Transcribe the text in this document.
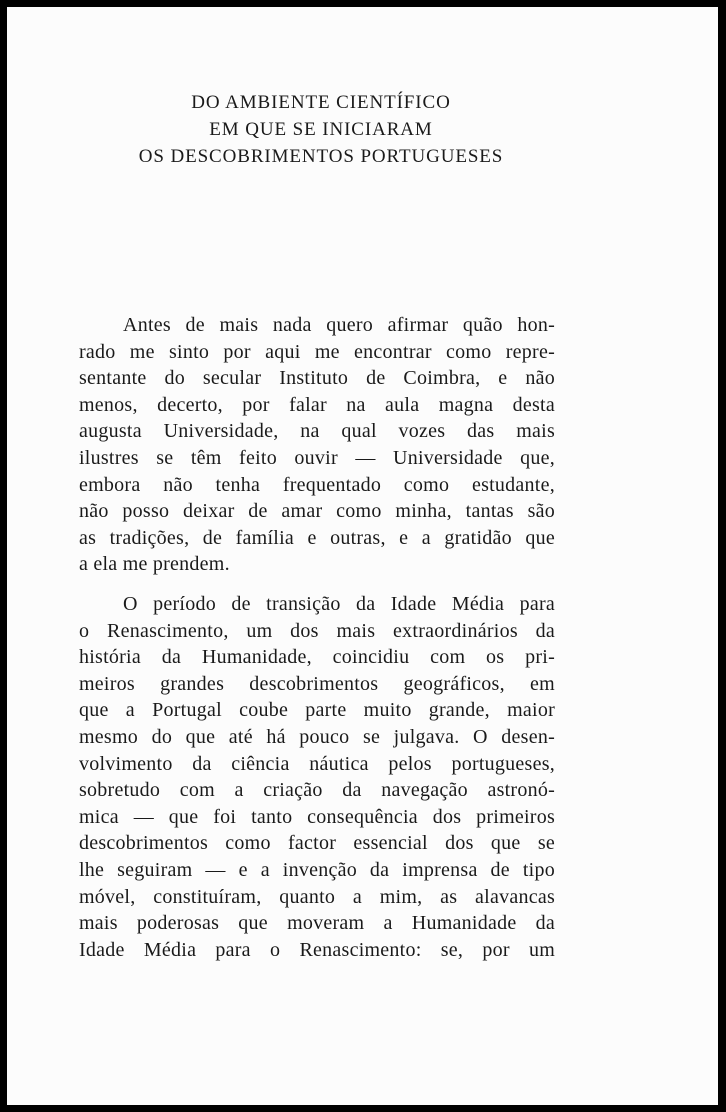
DO AMBIENTE CIENTÍFICO
EM QUE SE INICIARAM
OS DESCOBRIMENTOS PORTUGUESES

Antes de mais nada quero afirmar quão hon-
rado me sinto por aqui me encontrar como repre-
sentante do secular Instituto de Coimbra, e não
menos, decerto, por falar na aula magna desta
augusta Universidade, na qual vozes das mais
ilustres se têm feito ouvir — Universidade que,
embora não tenha frequentado como estudante,
não posso deixar de amar como minha, tantas são
as tradições, de família e outras, e a gratidão que
a ela me prendem.

O período de transição da Idade Média para
o Renascimento, um dos mais extraordinários da
história da Humanidade, coincidiu com os pri-
meiros grandes descobrimentos geográficos, em
que a Portugal coube parte muito grande, maior
mesmo do que até há pouco se julgava. O desen-
volvimento da ciência náutica pelos portugueses,
sobretudo com a criação da navegação astronó-
mica — que foi tanto consequência dos primeiros
descobrimentos como factor essencial dos que se
lhe seguiram — e a invenção da imprensa de tipo
móvel, constituíram, quanto a mim, as alavancas
mais poderosas que moveram a Humanidade da
Idade Média para o Renascimento: se, por um
